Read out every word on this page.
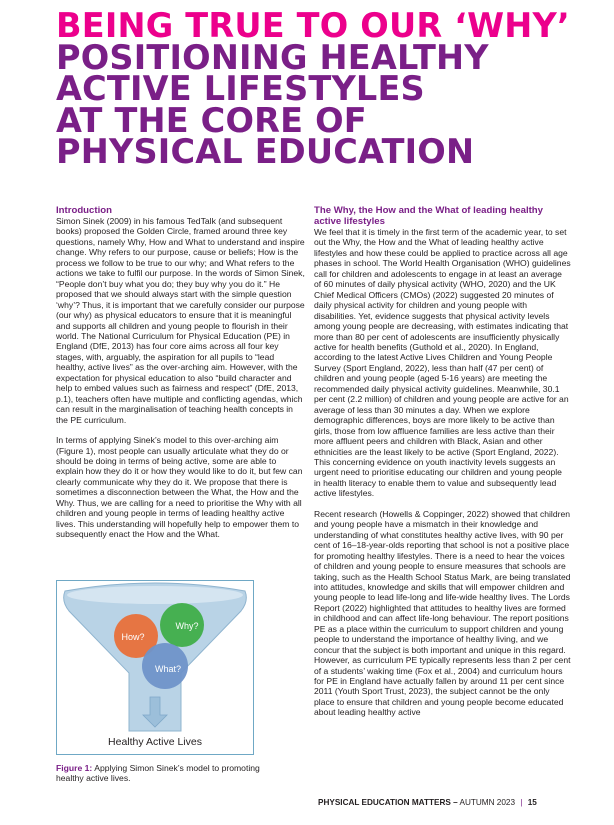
BEING TRUE TO OUR ‘WHY’
POSITIONING HEALTHY
ACTIVE LIFESTYLES
AT THE CORE OF
PHYSICAL EDUCATION
Introduction

Simon Sinek (2009) in his famous TedTalk (and subsequent books) proposed the Golden Circle, framed around three key questions, namely Why, How and What to understand and inspire change. Why refers to our purpose, cause or beliefs; How is the process we follow to be true to our why; and What refers to the actions we take to fulfil our purpose. In the words of Simon Sinek, “People don’t buy what you do; they buy why you do it.” He proposed that we should always start with the simple question ‘why’? Thus, it is important that we carefully consider our purpose (our why) as physical educators to ensure that it is meaningful and supports all children and young people to flourish in their world. The National Curriculum for Physical Education (PE) in England (DfE, 2013) has four core aims across all four key stages, with, arguably, the aspiration for all pupils to “lead healthy, active lives” as the over-arching aim. However, with the expectation for physical education to also “build character and help to embed values such as fairness and respect” (DfE, 2013, p.1), teachers often have multiple and conflicting agendas, which can result in the marginalisation of teaching health concepts in the PE curriculum.

In terms of applying Sinek’s model to this over-arching aim (Figure 1), most people can usually articulate what they do or should be doing in terms of being active, some are able to explain how they do it or how they would like to do it, but few can clearly communicate why they do it. We propose that there is sometimes a disconnection between the What, the How and the Why. Thus, we are calling for a need to prioritise the Why with all children and young people in terms of leading healthy active lives. This understanding will hopefully help to empower them to subsequently enact the How and the What.

Why?
How?
What?
Healthy Active Lives
Figure 1: Applying Simon Sinek’s model to promoting healthy active lives.
The Why, the How and the What of leading healthy active lifestyles

We feel that it is timely in the first term of the academic year, to set out the Why, the How and the What of leading healthy active lifestyles and how these could be applied to practice across all age phases in school. The World Health Organisation (WHO) guidelines call for children and adolescents to engage in at least an average of 60 minutes of daily physical activity (WHO, 2020) and the UK Chief Medical Officers (CMOs) (2022) suggested 20 minutes of daily physical activity for children and young people with disabilities. Yet, evidence suggests that physical activity levels among young people are decreasing, with estimates indicating that more than 80 per cent of adolescents are insufficiently physically active for health benefits (Guthold et al., 2020). In England, according to the latest Active Lives Children and Young People Survey (Sport England, 2022), less than half (47 per cent) of children and young people (aged 5-16 years) are meeting the recommended daily physical activity guidelines. Meanwhile, 30.1 per cent (2.2 million) of children and young people are active for an average of less than 30 minutes a day. When we explore demographic differences, boys are more likely to be active than girls, those from low affluence families are less active than their more affluent peers and children with Black, Asian and other ethnicities are the least likely to be active (Sport England, 2022). This concerning evidence on youth inactivity levels suggests an urgent need to prioritise educating our children and young people in health literacy to enable them to value and subsequently lead active lifestyles.

Recent research (Howells & Coppinger, 2022) showed that children and young people have a mismatch in their knowledge and understanding of what constitutes healthy active lives, with 90 per cent of 16–18-year-olds reporting that school is not a positive place for promoting healthy lifestyles. There is a need to hear the voices of children and young people to ensure measures that schools are taking, such as the Health School Status Mark, are being translated into attitudes, knowledge and skills that will empower children and young people to lead life-long and life-wide healthy lives. The Lords Report (2022) highlighted that attitudes to healthy lives are formed in childhood and can affect life-long behaviour. The report positions PE as a place within the curriculum to support children and young people to understand the importance of healthy living, and we concur that the subject is both important and unique in this regard. However, as curriculum PE typically represents less than 2 per cent of a students’ waking time (Fox et al., 2004) and curriculum hours for PE in England have actually fallen by around 11 per cent since 2011 (Youth Sport Trust, 2023), the subject cannot be the only place to ensure that children and young people become educated about leading healthy active

PHYSICAL EDUCATION MATTERS – AUTUMN 2023 | 15
